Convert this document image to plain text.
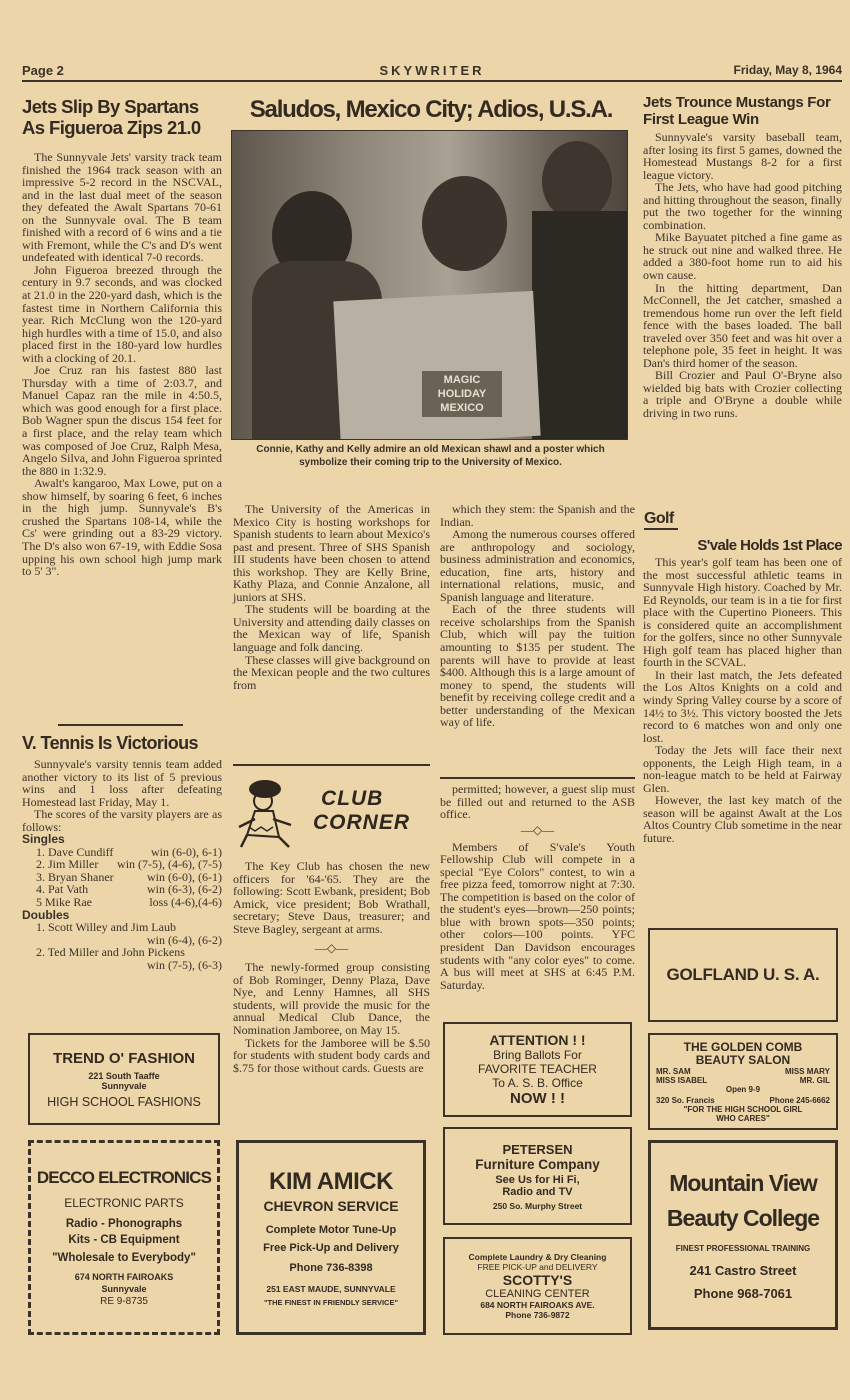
Page 2	SKYWRITER	Friday, May 8, 1964
Jets Slip By Spartans As Figueroa Zips 21.0

The Sunnyvale Jets' varsity track team finished the 1964 track season with an impressive 5-2 record in the NSCVAL, and in the last dual meet of the season they defeated the Awalt Spartans 70-61 on the Sunnyvale oval. The B team finished with a record of 6 wins and a tie with Fremont, while the C's and D's went undefeated with identical 7-0 records.

John Figueroa breezed through the century in 9.7 seconds, and was clocked at 21.0 in the 220-yard dash, which is the fastest time in Northern California this year. Rich McClung won the 120-yard high hurdles with a time of 15.0, and also placed first in the 180-yard low hurdles with a clocking of 20.1.

Joe Cruz ran his fastest 880 last Thursday with a time of 2:03.7, and Manuel Capaz ran the mile in 4:50.5, which was good enough for a first place. Bob Wagner spun the discus 154 feet for a first place, and the relay team which was composed of Joe Cruz, Ralph Mesa, Angelo Silva, and John Figueroa sprinted the 880 in 1:32.9.

Awalt's kangaroo, Max Lowe, put on a show himself, by soaring 6 feet, 6 inches in the high jump. Sunnyvale's B's crushed the Spartans 108-14, while the Cs' were grinding out a 83-29 victory. The D's also won 67-19, with Eddie Sosa upping his own school high jump mark to 5' 3".

V. Tennis Is Victorious

Sunnyvale's varsity tennis team added another victory to its list of 5 previous wins and 1 loss after defeating Homestead last Friday, May 1.

The scores of the varsity players are as follows:

Singles
1. Dave Cundiff	win (6-0), 6-1)
2. Jim Miller win (7-5), (4-6), (7-5)
3. Bryan Shaner	win (6-0), (6-1)
4. Pat Vath	win (6-3), (6-2)
5 Mike Rae	loss (4-6),(4-6)
Doubles
1. Scott Willey and Jim Laub
win (6-4), (6-2)
2. Ted Miller and John Pickens
win (7-5), (6-3)
TREND O' FASHION
221 South Taaffe
Sunnyvale
HIGH SCHOOL FASHIONS
DECCO ELECTRONICS
ELECTRONIC PARTS
Radio - Phonographs
Kits - CB Equipment
"Wholesale to Everybody"
674 NORTH FAIROAKS
Sunnyvale
RE 9-8735
Saludos, Mexico City; Adios, U.S.A.
MAGIC HOLIDAY MEXICO
Connie, Kathy and Kelly admire an old Mexican shawl and a poster which symbolize their coming trip to the University of Mexico.

The University of the Americas in Mexico City is hosting workshops for Spanish students to learn about Mexico's past and present. Three of SHS Spanish III students have been chosen to attend this workshop. They are Kelly Brine, Kathy Plaza, and Connie Anzalone, all juniors at SHS.

The students will be boarding at the University and attending daily classes on the Mexican way of life, Spanish language and folk dancing.

These classes will give background on the Mexican people and the two cultures from

CLUB
CORNER

The Key Club has chosen the new officers for '64-'65. They are the following: Scott Ewbank, president; Bob Amick, vice president; Bob Wrathall, secretary; Steve Daus, treasurer; and Steve Bagley, sergeant at arms.

—◇—

The newly-formed group consisting of Bob Rominger, Denny Plaza, Dave Nye, and Lenny Hamnes, all SHS students, will provide the music for the annual Medical Club Dance, the Nomination Jamboree, on May 15.

Tickets for the Jamboree will be $.50 for students with student body cards and $.75 for those without cards. Guests are

which they stem: the Spanish and the Indian.

Among the numerous courses offered are anthropology and sociology, business administration and economics, education, fine arts, history and international relations, music, and Spanish language and literature.

Each of the three students will receive scholarships from the Spanish Club, which will pay the tuition amounting to $135 per student. The parents will have to provide at least $400. Although this is a large amount of money to spend, the students will benefit by receiving college credit and a better understanding of the Mexican way of life.

permitted; however, a guest slip must be filled out and returned to the ASB office.

—◇—

Members of S'vale's Youth Fellowship Club will compete in a special "Eye Colors" contest, to win a free pizza feed, tomorrow night at 7:30. The competition is based on the color of the student's eyes—brown—250 points; blue with brown spots—350 points; other colors—100 points. YFC president Dan Davidson encourages students with "any color eyes" to come. A bus will meet at SHS at 6:45 P.M. Saturday.

KIM AMICK
CHEVRON SERVICE
Complete Motor Tune-Up
Free Pick-Up and Delivery
Phone 736-8398
251 EAST MAUDE, SUNNYVALE
"THE FINEST IN FRIENDLY SERVICE"
ATTENTION ! !
Bring Ballots For
FAVORITE TEACHER
To A. S. B. Office
NOW ! !
PETERSEN
Furniture Company
See Us for Hi Fi,
Radio and TV
250 So. Murphy Street
Complete Laundry & Dry Cleaning
FREE PICK-UP and DELIVERY
SCOTTY'S
CLEANING CENTER
684 NORTH FAIROAKS AVE.
Phone 736-9872
Jets Trounce Mustangs For First League Win

Sunnyvale's varsity baseball team, after losing its first 5 games, downed the Homestead Mustangs 8-2 for a first league victory.

The Jets, who have had good pitching and hitting throughout the season, finally put the two together for the winning combination.

Mike Bayuatet pitched a fine game as he struck out nine and walked three. He added a 380-foot home run to aid his own cause.

In the hitting department, Dan McConnell, the Jet catcher, smashed a tremendous home run over the left field fence with the bases loaded. The ball traveled over 350 feet and was hit over a telephone pole, 35 feet in height. It was Dan's third homer of the season.

Bill Crozier and Paul O'-Bryne also wielded big bats with Crozier collecting a triple and O'Bryne a double while driving in two runs.

Golf
S'vale Holds 1st Place

This year's golf team has been one of the most successful athletic teams in Sunnyvale High history. Coached by Mr. Ed Reynolds, our team is in a tie for first place with the Cupertino Pioneers. This is considered quite an accomplishment for the golfers, since no other Sunnyvale High golf team has placed higher than fourth in the SCVAL.

In their last match, the Jets defeated the Los Altos Knights on a cold and windy Spring Valley course by a score of 14½ to 3½. This victory boosted the Jets record to 6 matches won and only one lost.

Today the Jets will face their next opponents, the Leigh High team, in a non-league match to be held at Fairway Glen.

However, the last key match of the season will be against Awalt at the Los Altos Country Club sometime in the near future.

GOLFLAND U. S. A.
THE GOLDEN COMB
BEAUTY SALON
MR. SAM	MISS MARY
MISS ISABEL	MR. GIL
Open 9-9
320 So. Francis	Phone 245-6662
"FOR THE HIGH SCHOOL GIRL WHO CARES"
Mountain View
Beauty College
FINEST PROFESSIONAL TRAINING
241 Castro Street
Phone 968-7061
